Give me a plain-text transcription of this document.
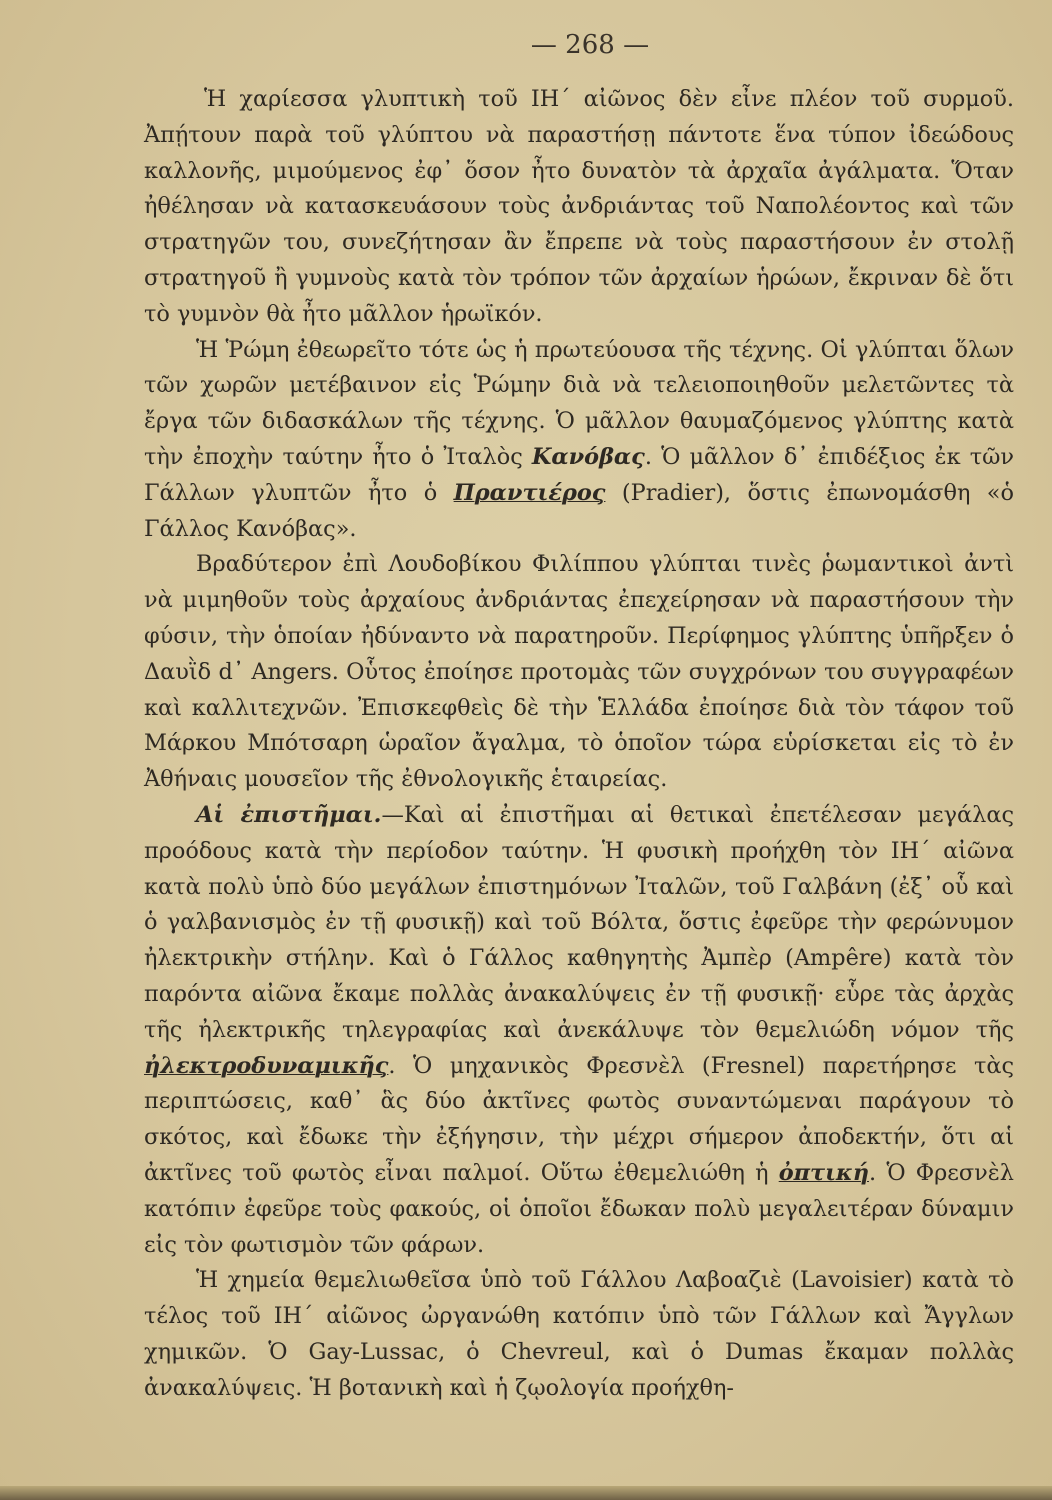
— 268 —

Ἡ χαρίεσσα γλυπτικὴ τοῦ ΙΗ΄ αἰῶνος δὲν εἶνε πλέον τοῦ συρμοῦ. Ἀπῄτουν παρὰ τοῦ γλύπτου νὰ παραστήσῃ πάντοτε ἕνα τύπον ἰδεώδους καλλονῆς, μιμούμενος ἐφ᾽ ὅσον ἦτο δυνατὸν τὰ ἀρχαῖα ἀγάλματα. Ὅταν ἠθέλησαν νὰ κατασκευάσουν τοὺς ἀνδριάντας τοῦ Ναπολέοντος καὶ τῶν στρατηγῶν του, συνεζήτησαν ἂν ἔπρεπε νὰ τοὺς παραστήσουν ἐν στολῇ στρατηγοῦ ἢ γυμνοὺς κατὰ τὸν τρόπον τῶν ἀρχαίων ἡρώων, ἔκριναν δὲ ὅτι τὸ γυμνὸν θὰ ἦτο μᾶλλον ἡρωϊκόν.

Ἡ Ῥώμη ἐθεωρεῖτο τότε ὡς ἡ πρωτεύουσα τῆς τέχνης. Οἱ γλύπται ὅλων τῶν χωρῶν μετέβαινον εἰς Ῥώμην διὰ νὰ τελειοποιηθοῦν μελετῶντες τὰ ἔργα τῶν διδασκάλων τῆς τέχνης. Ὁ μᾶλλον θαυμαζόμενος γλύπτης κατὰ τὴν ἐποχὴν ταύτην ἦτο ὁ Ἰταλὸς Κανόβας. Ὁ μᾶλλον δ᾽ ἐπιδέξιος ἐκ τῶν Γάλλων γλυπτῶν ἦτο ὁ Πραντιέρος (Pradier), ὅστις ἐπωνομάσθη «ὁ Γάλλος Κανόβας».

Βραδύτερον ἐπὶ Λουδοβίκου Φιλίππου γλύπται τινὲς ῥωμαντικοὶ ἀντὶ νὰ μιμηθοῦν τοὺς ἀρχαίους ἀνδριάντας ἐπεχείρησαν νὰ παραστήσουν τὴν φύσιν, τὴν ὁποίαν ἠδύναντο νὰ παρατηροῦν. Περίφημος γλύπτης ὑπῆρξεν ὁ Δαυῒδ d᾽ Angers. Οὗτος ἐποίησε προτομὰς τῶν συγχρόνων του συγγραφέων καὶ καλλιτεχνῶν. Ἐπισκεφθεὶς δὲ τὴν Ἑλλάδα ἐποίησε διὰ τὸν τάφον τοῦ Μάρκου Μπότσαρη ὡραῖον ἄγαλμα, τὸ ὁποῖον τώρα εὑρίσκεται εἰς τὸ ἐν Ἀθήναις μουσεῖον τῆς ἐθνολογικῆς ἑταιρείας.

Αἱ ἐπιστῆμαι.—Καὶ αἱ ἐπιστῆμαι αἱ θετικαὶ ἐπετέλεσαν μεγάλας προόδους κατὰ τὴν περίοδον ταύτην. Ἡ φυσικὴ προήχθη τὸν ΙΗ΄ αἰῶνα κατὰ πολὺ ὑπὸ δύο μεγάλων ἐπιστημόνων Ἰταλῶν, τοῦ Γαλβάνη (ἐξ᾽ οὗ καὶ ὁ γαλβανισμὸς ἐν τῇ φυσικῇ) καὶ τοῦ Βόλτα, ὅστις ἐφεῦρε τὴν φερώνυμον ἠλεκτρικὴν στήλην. Καὶ ὁ Γάλλος καθηγητὴς Ἀμπὲρ (Ampêre) κατὰ τὸν παρόντα αἰῶνα ἔκαμε πολλὰς ἀνακαλύψεις ἐν τῇ φυσικῇ· εὗρε τὰς ἀρχὰς τῆς ἠλεκτρικῆς τηλεγραφίας καὶ ἀνεκάλυψε τὸν θεμελιώδη νόμον τῆς ἠλεκτροδυναμικῆς. Ὁ μηχανικὸς Φρεσνὲλ (Fresnel) παρετήρησε τὰς περιπτώσεις, καθ᾽ ἃς δύο ἀκτῖνες φωτὸς συναντώμεναι παράγουν τὸ σκότος, καὶ ἔδωκε τὴν ἐξήγησιν, τὴν μέχρι σήμερον ἀποδεκτήν, ὅτι αἱ ἀκτῖνες τοῦ φωτὸς εἶναι παλμοί. Οὕτω ἐθεμελιώθη ἡ ὀπτική. Ὁ Φρεσνὲλ κατόπιν ἐφεῦρε τοὺς φακούς, οἱ ὁποῖοι ἔδωκαν πολὺ μεγαλειτέραν δύναμιν εἰς τὸν φωτισμὸν τῶν φάρων.

Ἡ χημεία θεμελιωθεῖσα ὑπὸ τοῦ Γάλλου Λαβοαζιὲ (Lavoisier) κατὰ τὸ τέλος τοῦ ΙΗ΄ αἰῶνος ὠργανώθη κατόπιν ὑπὸ τῶν Γάλλων καὶ Ἄγγλων χημικῶν. Ὁ Gay-Lussac, ὁ Chevreul, καὶ ὁ Dumas ἔκαμαν πολλὰς ἀνακαλύψεις. Ἡ βοτανικὴ καὶ ἡ ζῳολογία προήχθη-
